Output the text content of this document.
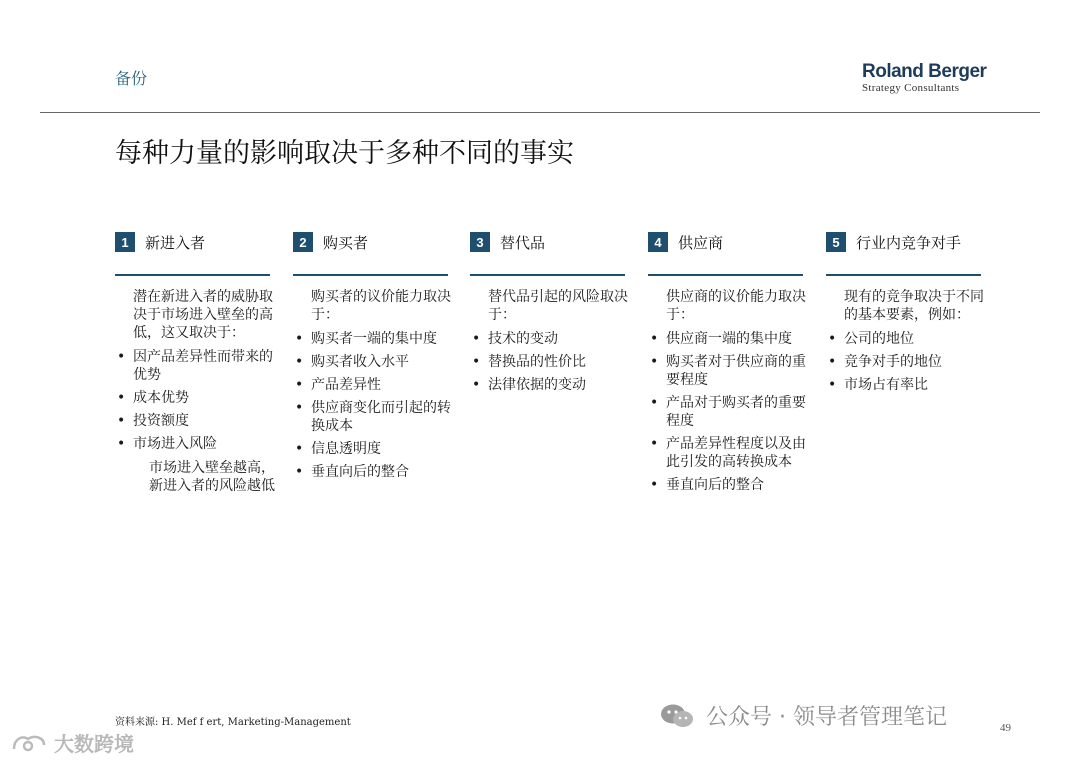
备份	Roland Berger
Strategy Consultants
每种力量的影响取决于多种不同的事实
1	新进入者
潜在新进入者的威胁取决于市场进入壁垒的高低，这又取决于：
• 因产品差异性而带来的优势
• 成本优势
• 投资额度
• 市场进入风险
市场进入壁垒越高，新进入者的风险越低
2	购买者
购买者的议价能力取决于：
• 购买者一端的集中度
• 购买者收入水平
• 产品差异性
• 供应商变化而引起的转换成本
• 信息透明度
• 垂直向后的整合
3	替代品
替代品引起的风险取决于：
• 技术的变动
• 替换品的性价比
• 法律依据的变动
4	供应商
供应商的议价能力取决于：
• 供应商一端的集中度
• 购买者对于供应商的重要程度
• 产品对于购买者的重要程度
• 产品差异性程度以及由此引发的高转换成本
• 垂直向后的整合
5	行业内竞争对手
现有的竞争取决于不同的基本要素，例如：
• 公司的地位
• 竞争对手的地位
• 市场占有率比
资料来源: H. Mef f ert, Marketing-Management	公众号 · 领导者管理笔记
大数跨境
49
